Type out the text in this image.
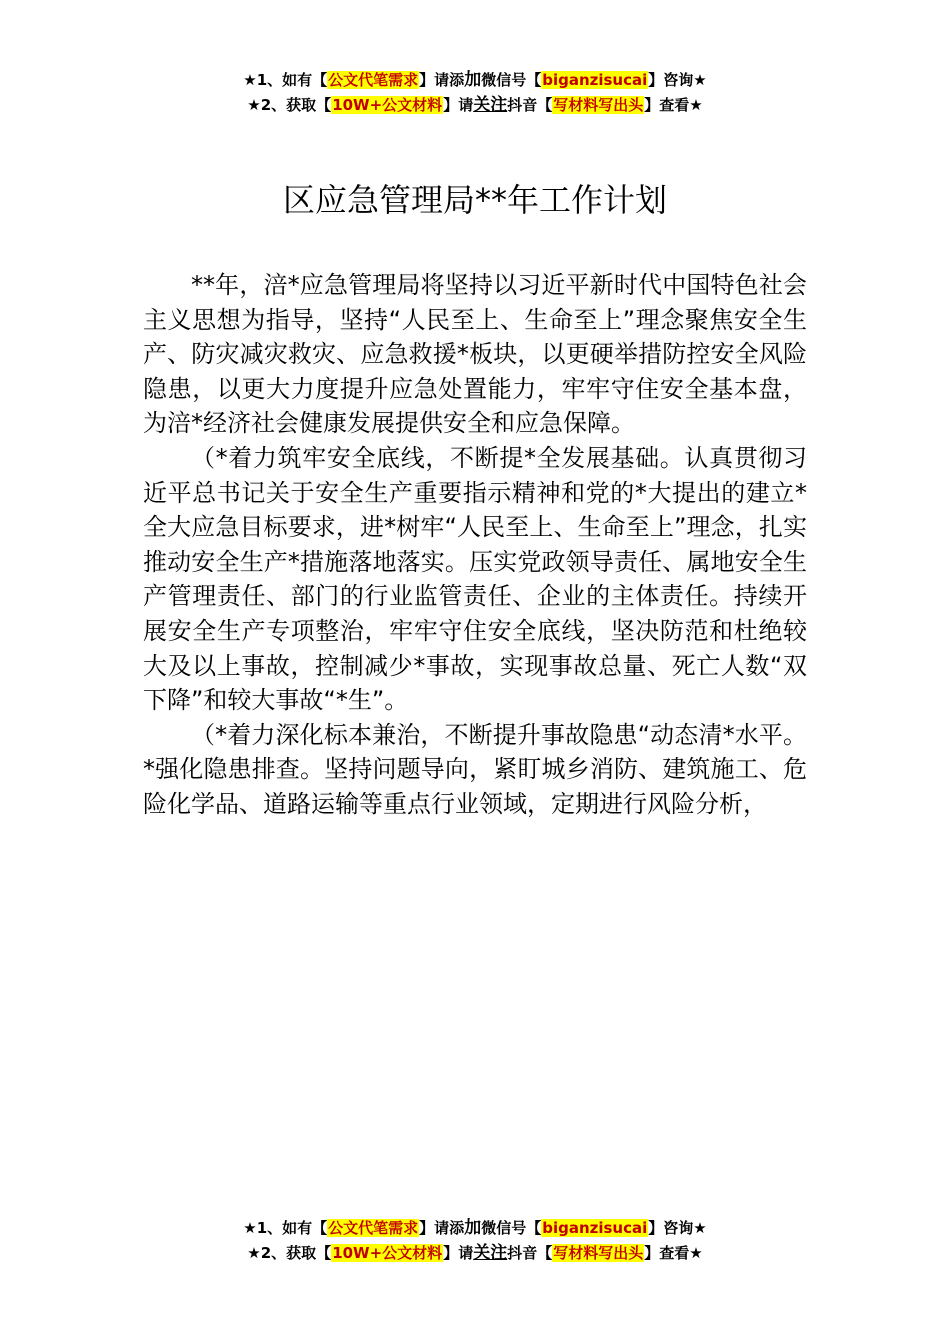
★1、如有【公文代笔需求】请添加微信号【biganzisucai】咨询★
★2、获取【10W+公文材料】请关注抖音【写材料写出头】查看★
区应急管理局**年工作计划

**年，涪*应急管理局将坚持以习近平新时代中国特色社会主义思想为指导，坚持“人民至上、生命至上”理念聚焦安全生产、防灾减灾救灾、应急救援*板块，以更硬举措防控安全风险隐患，以更大力度提升应急处置能力，牢牢守住安全基本盘，为涪*经济社会健康发展提供安全和应急保障。

（*着力筑牢安全底线，不断提*全发展基础。认真贯彻习近平总书记关于安全生产重要指示精神和党的*大提出的建立*全大应急目标要求，进*树牢“人民至上、生命至上”理念，扎实推动安全生产*措施落地落实。压实党政领导责任、属地安全生产管理责任、部门的行业监管责任、企业的主体责任。持续开展安全生产专项整治，牢牢守住安全底线，坚决防范和杜绝较大及以上事故，控制减少*事故，实现事故总量、死亡人数“双下降”和较大事故“*生”。

（*着力深化标本兼治，不断提升事故隐患“动态清*水平。*强化隐患排查。坚持问题导向，紧盯城乡消防、建筑施工、危险化学品、道路运输等重点行业领域，定期进行风险分析，

★1、如有【公文代笔需求】请添加微信号【biganzisucai】咨询★
★2、获取【10W+公文材料】请关注抖音【写材料写出头】查看★
